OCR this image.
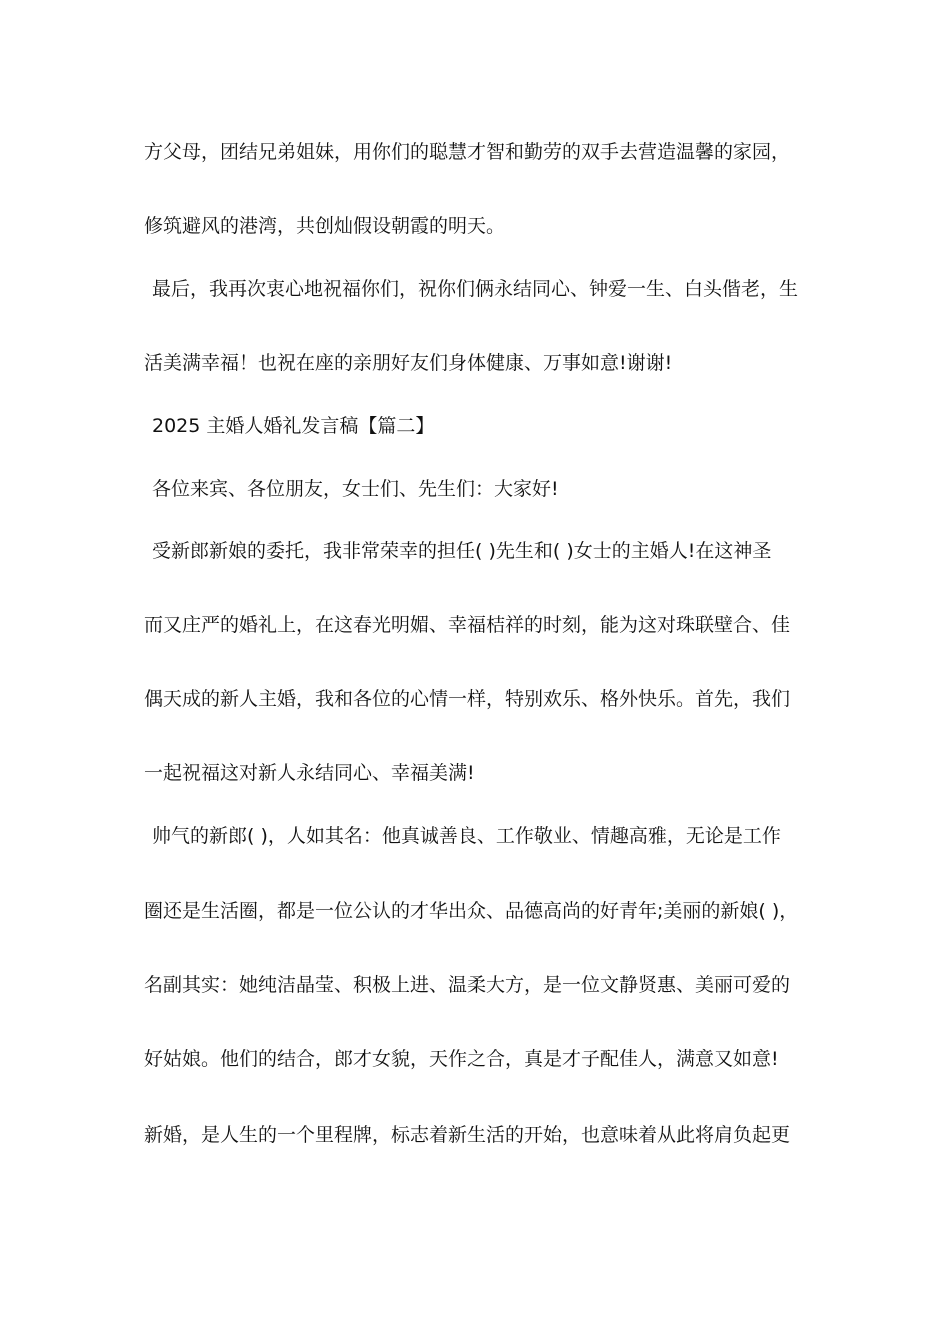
方父母，团结兄弟姐妹，用你们的聪慧才智和勤劳的双手去营造温馨的家园，

修筑避风的港湾，共创灿假设朝霞的明天。

最后，我再次衷心地祝福你们，祝你们俩永结同心、钟爱一生、白头偕老，生

活美满幸福！也祝在座的亲朋好友们身体健康、万事如意!谢谢!

2025 主婚人婚礼发言稿【篇二】

各位来宾、各位朋友，女士们、先生们：大家好!

受新郎新娘的委托，我非常荣幸的担任( )先生和( )女士的主婚人!在这神圣

而又庄严的婚礼上，在这春光明媚、幸福桔祥的时刻，能为这对珠联壁合、佳

偶天成的新人主婚，我和各位的心情一样，特别欢乐、格外快乐。首先，我们

一起祝福这对新人永结同心、幸福美满!

帅气的新郎( )，人如其名：他真诚善良、工作敬业、情趣高雅，无论是工作

圈还是生活圈，都是一位公认的才华出众、品德高尚的好青年;美丽的新娘( )，

名副其实：她纯洁晶莹、积极上进、温柔大方，是一位文静贤惠、美丽可爱的

好姑娘。他们的结合，郎才女貌，天作之合，真是才子配佳人，满意又如意!

新婚，是人生的一个里程牌，标志着新生活的开始，也意味着从此将肩负起更
